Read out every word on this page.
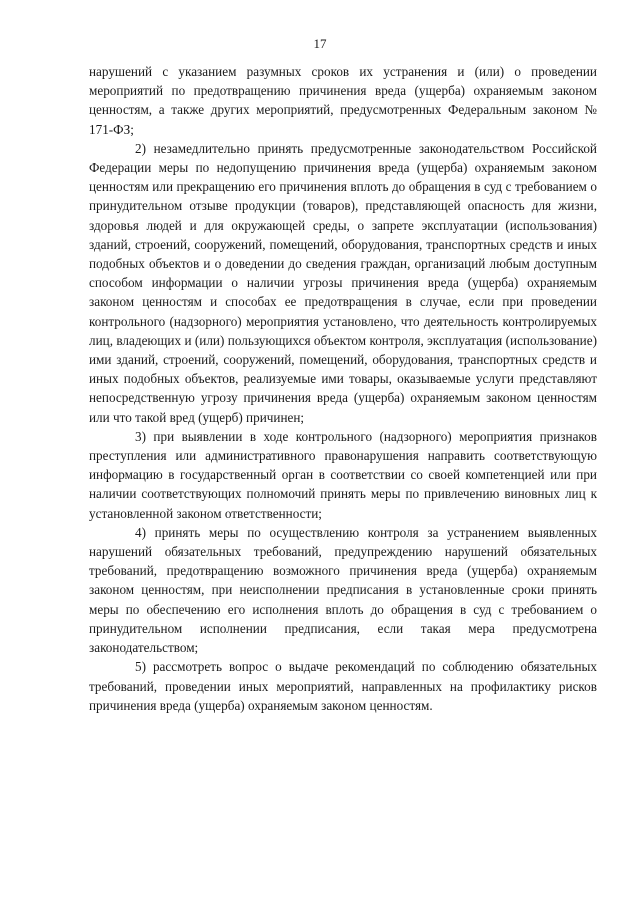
17

нарушений с указанием разумных сроков их устранения и (или) о проведении мероприятий по предотвращению причинения вреда (ущерба) охраняемым законом ценностям, а также других мероприятий, предусмотренных Федеральным законом № 171-ФЗ;

2) незамедлительно принять предусмотренные законодательством Российской Федерации меры по недопущению причинения вреда (ущерба) охраняемым законом ценностям или прекращению его причинения вплоть до обращения в суд с требованием о принудительном отзыве продукции (товаров), представляющей опасность для жизни, здоровья людей и для окружающей среды, о запрете эксплуатации (использования) зданий, строений, сооружений, помещений, оборудования, транспортных средств и иных подобных объектов и о доведении до сведения граждан, организаций любым доступным способом информации о наличии угрозы причинения вреда (ущерба) охраняемым законом ценностям и способах ее предотвращения в случае, если при проведении контрольного (надзорного) мероприятия установлено, что деятельность контролируемых лиц, владеющих и (или) пользующихся объектом контроля, эксплуатация (использование) ими зданий, строений, сооружений, помещений, оборудования, транспортных средств и иных подобных объектов, реализуемые ими товары, оказываемые услуги представляют непосредственную угрозу причинения вреда (ущерба) охраняемым законом ценностям или что такой вред (ущерб) причинен;

3) при выявлении в ходе контрольного (надзорного) мероприятия признаков преступления или административного правонарушения направить соответствующую информацию в государственный орган в соответствии со своей компетенцией или при наличии соответствующих полномочий принять меры по привлечению виновных лиц к установленной законом ответственности;

4) принять меры по осуществлению контроля за устранением выявленных нарушений обязательных требований, предупреждению нарушений обязательных требований, предотвращению возможного причинения вреда (ущерба) охраняемым законом ценностям, при неисполнении предписания в установленные сроки принять меры по обеспечению его исполнения вплоть до обращения в суд с требованием о принудительном исполнении предписания, если такая мера предусмотрена законодательством;

5) рассмотреть вопрос о выдаче рекомендаций по соблюдению обязательных требований, проведении иных мероприятий, направленных на профилактику рисков причинения вреда (ущерба) охраняемым законом ценностям.
